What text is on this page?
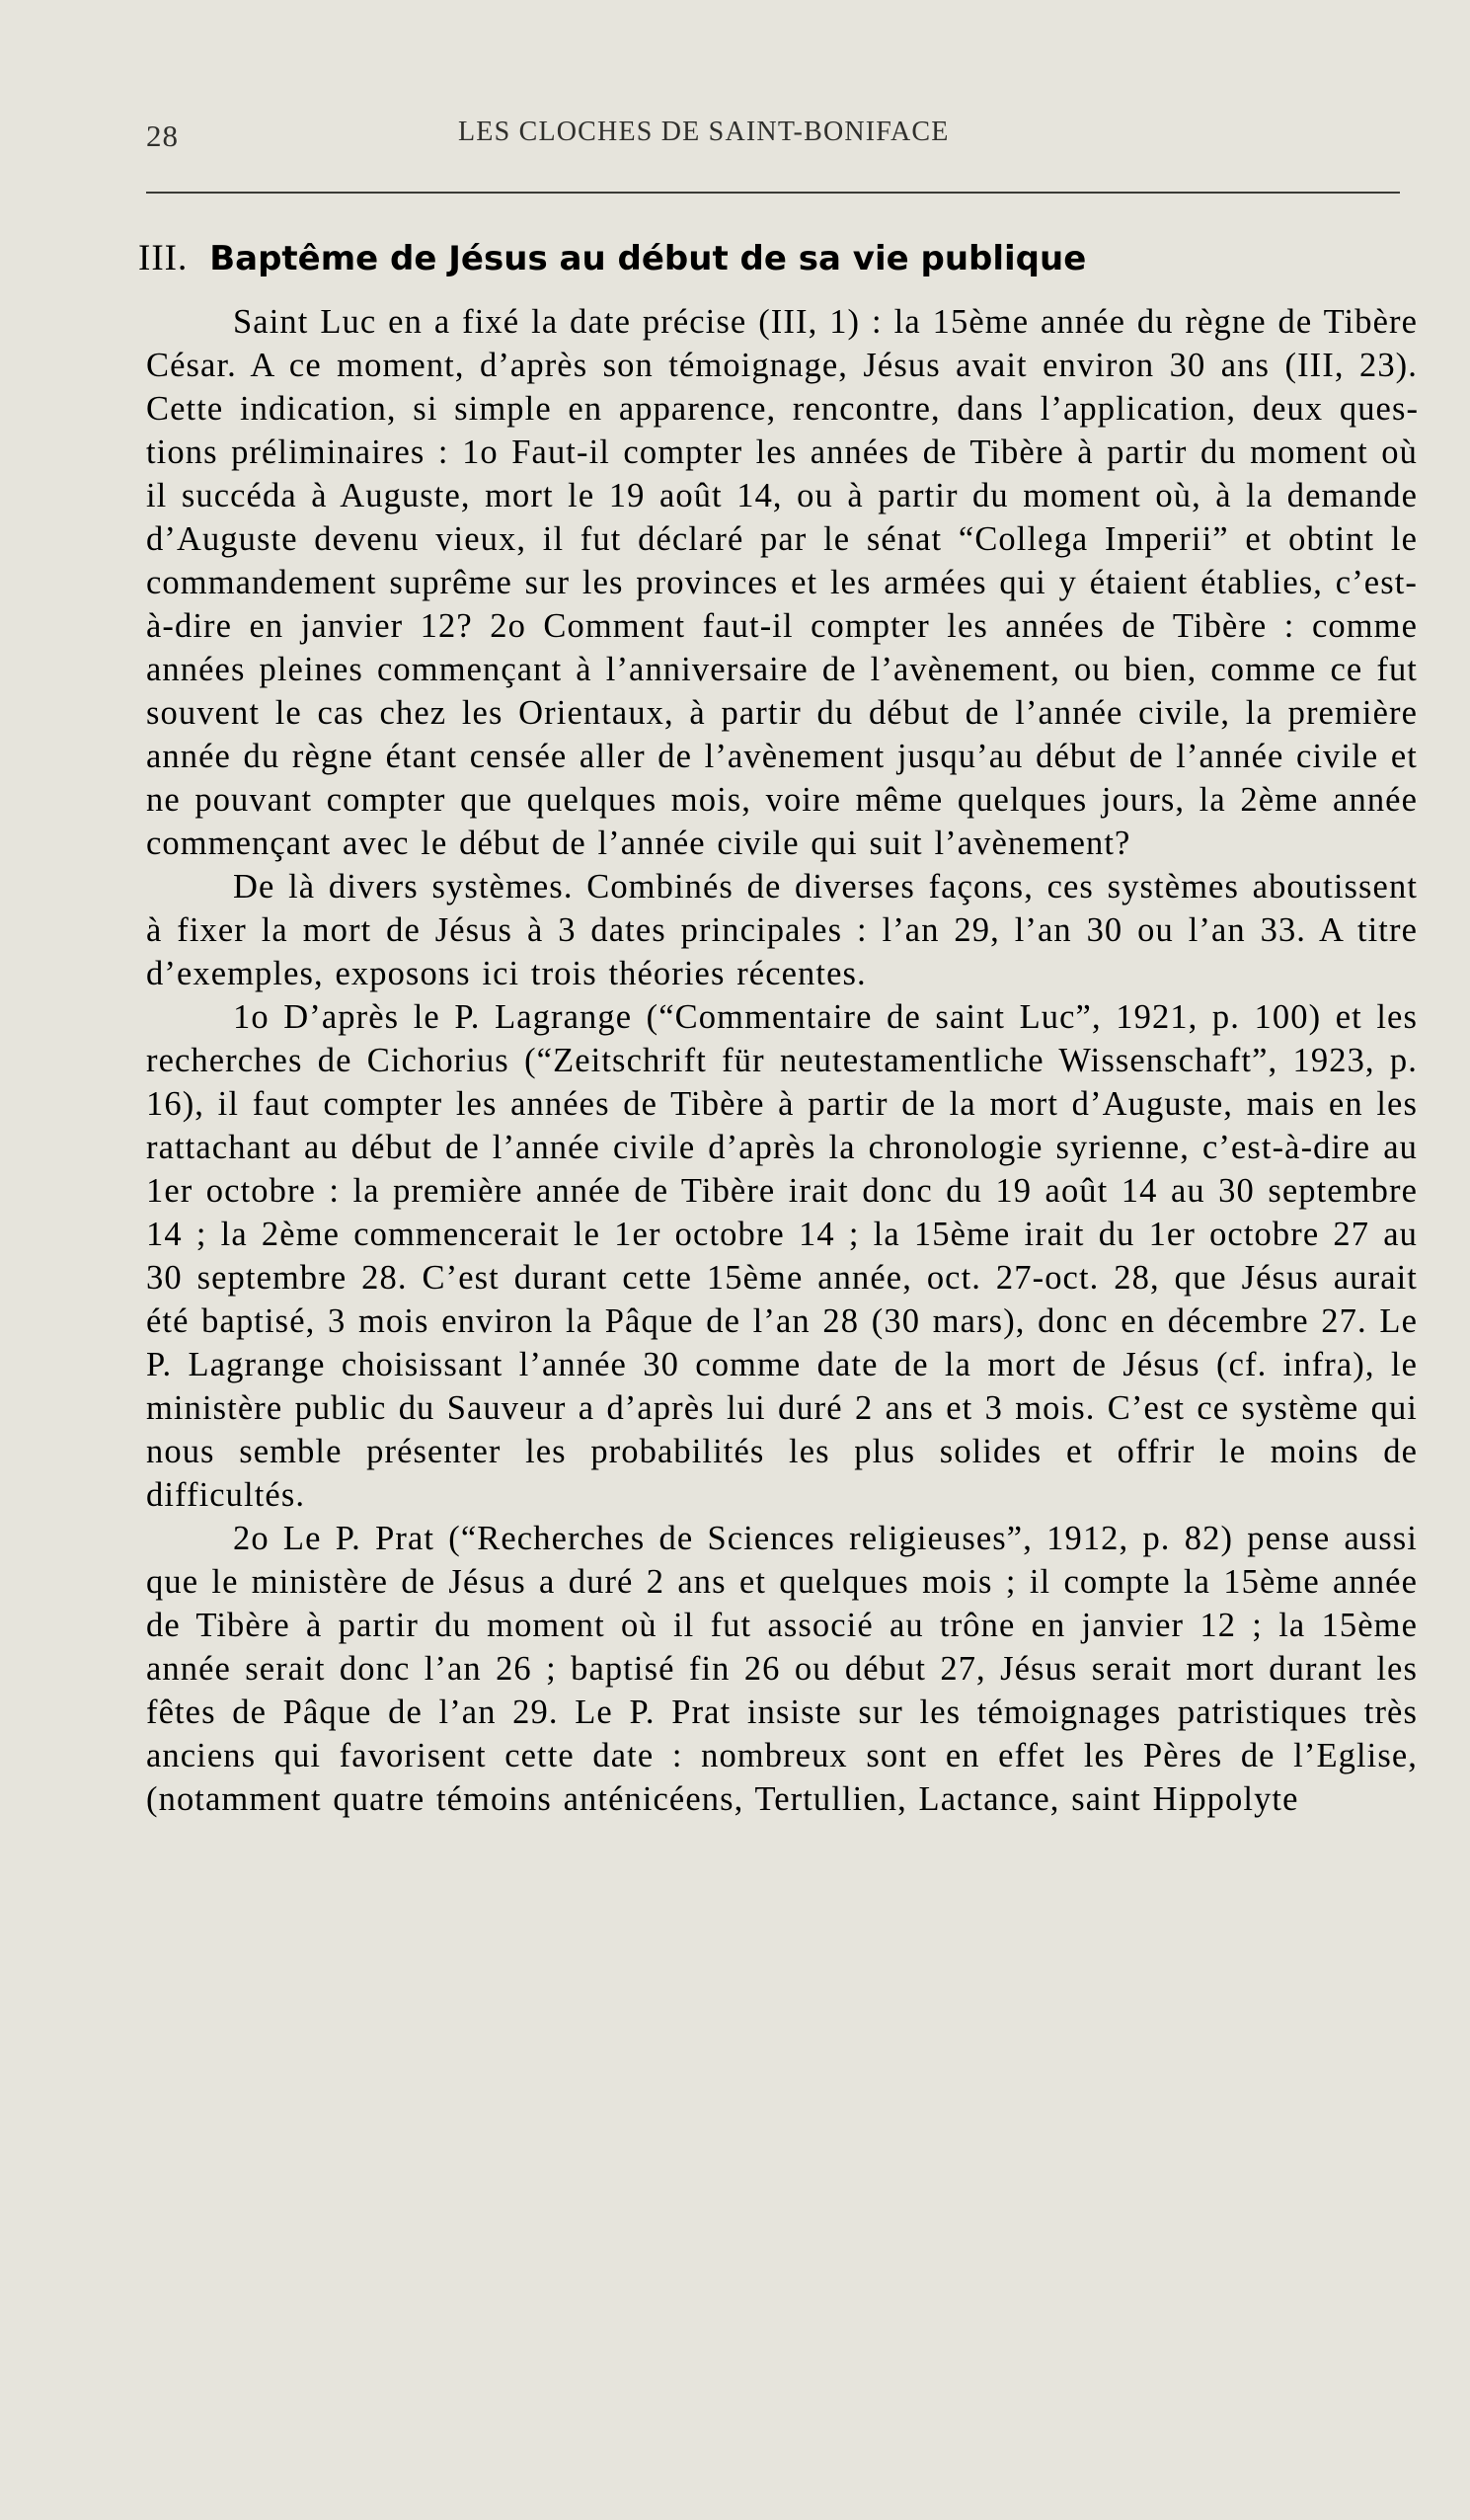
28	LES CLOCHES DE SAINT-BONIFACE
III. Baptême de Jésus au début de sa vie publique

Saint Luc en a fixé la date précise (III, 1) : la 15ème année du règne de Tibère César. A ce moment, d’après son témoignage, Jésus avait environ 30 ans (III, 23). Cette indication, si simple en apparence, rencontre, dans l’application, deux questions préliminaires : 1o Faut-il compter les années de Tibère à partir du moment où il succéda à Auguste, mort le 19 août 14, ou à partir du moment où, à la demande d’Auguste devenu vieux, il fut déclaré par le sénat “Collega Imperii” et obtint le commandement suprême sur les provinces et les armées qui y étaient établies, c’est-à-dire en janvier 12? 2o Comment faut-il compter les années de Tibère : comme années pleines commençant à l’anniversaire de l’avènement, ou bien, comme ce fut souvent le cas chez les Orientaux, à partir du début de l’année civile, la première année du règne étant censée aller de l’avènement jusqu’au début de l’année civile et ne pouvant compter que quelques mois, voire même quelques jours, la 2ème année commençant avec le début de l’année civile qui suit l’avènement?

De là divers systèmes. Combinés de diverses façons, ces systèmes aboutissent à fixer la mort de Jésus à 3 dates principales : l’an 29, l’an 30 ou l’an 33. A titre d’exemples, exposons ici trois théories récentes.

1o D’après le P. Lagrange (“Commentaire de saint Luc”, 1921, p. 100) et les recherches de Cichorius (“Zeitschrift für neutestamentliche Wissenschaft”, 1923, p. 16), il faut compter les années de Tibère à partir de la mort d’Auguste, mais en les rattachant au début de l’année civile d’après la chronologie syrienne, c’est-à-dire au 1er octobre : la première année de Tibère irait donc du 19 août 14 au 30 septembre 14 ; la 2ème commencerait le 1er octobre 14 ; la 15ème irait du 1er octobre 27 au 30 septembre 28. C’est durant cette 15ème année, oct. 27-oct. 28, que Jésus aurait été baptisé, 3 mois environ la Pâque de l’an 28 (30 mars), donc en décembre 27. Le P. Lagrange choisissant l’année 30 comme date de la mort de Jésus (cf. infra), le ministère public du Sauveur a d’après lui duré 2 ans et 3 mois. C’est ce système qui nous semble présenter les probabilités les plus solides et offrir le moins de difficultés.

2o Le P. Prat (“Recherches de Sciences religieuses”, 1912, p. 82) pense aussi que le ministère de Jésus a duré 2 ans et quelques mois ; il compte la 15ème année de Tibère à partir du moment où il fut associé au trône en janvier 12 ; la 15ème année serait donc l’an 26 ; baptisé fin 26 ou début 27, Jésus serait mort durant les fêtes de Pâque de l’an 29. Le P. Prat insiste sur les témoignages patristiques très anciens qui favorisent cette date : nombreux sont en effet les Pères de l’Eglise, (notamment quatre témoins anténicéens, Tertullien, Lactance, saint Hippolyte
